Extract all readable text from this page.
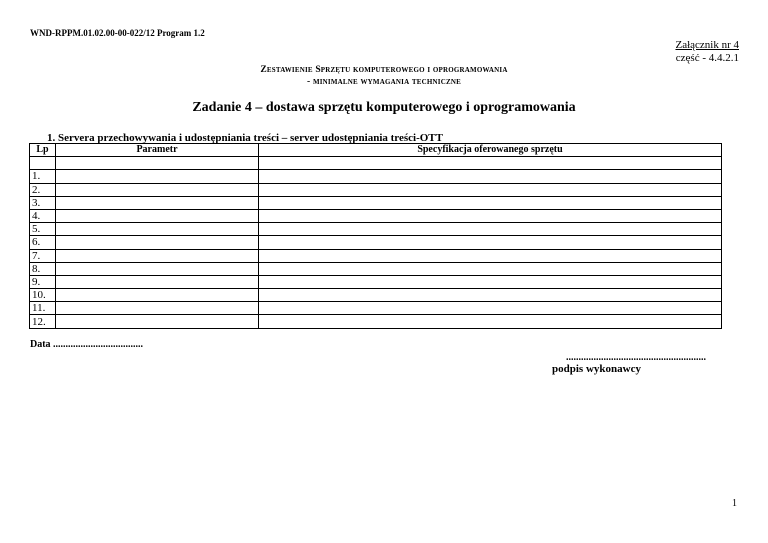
WND-RPPM.01.02.00-00-022/12 Program 1.2
Załącznik nr 4
część - 4.4.2.1
Zestawienie Sprzętu komputerowego i oprogramowania
- minimalne wymagania techniczne
Zadanie 4 – dostawa sprzętu komputerowego i oprogramowania
1. Servera przechowywania i udostępniania treści – server udostępniania treści-OTT
Lp	Parametr	Specyfikacja oferowanego sprzętu

1.		
2.		
3.		
4.		
5.		
6.		
7.		
8.		
9.		
10.		
11.		
12.		
Data ....................................
........................................................
podpis wykonawcy
1
